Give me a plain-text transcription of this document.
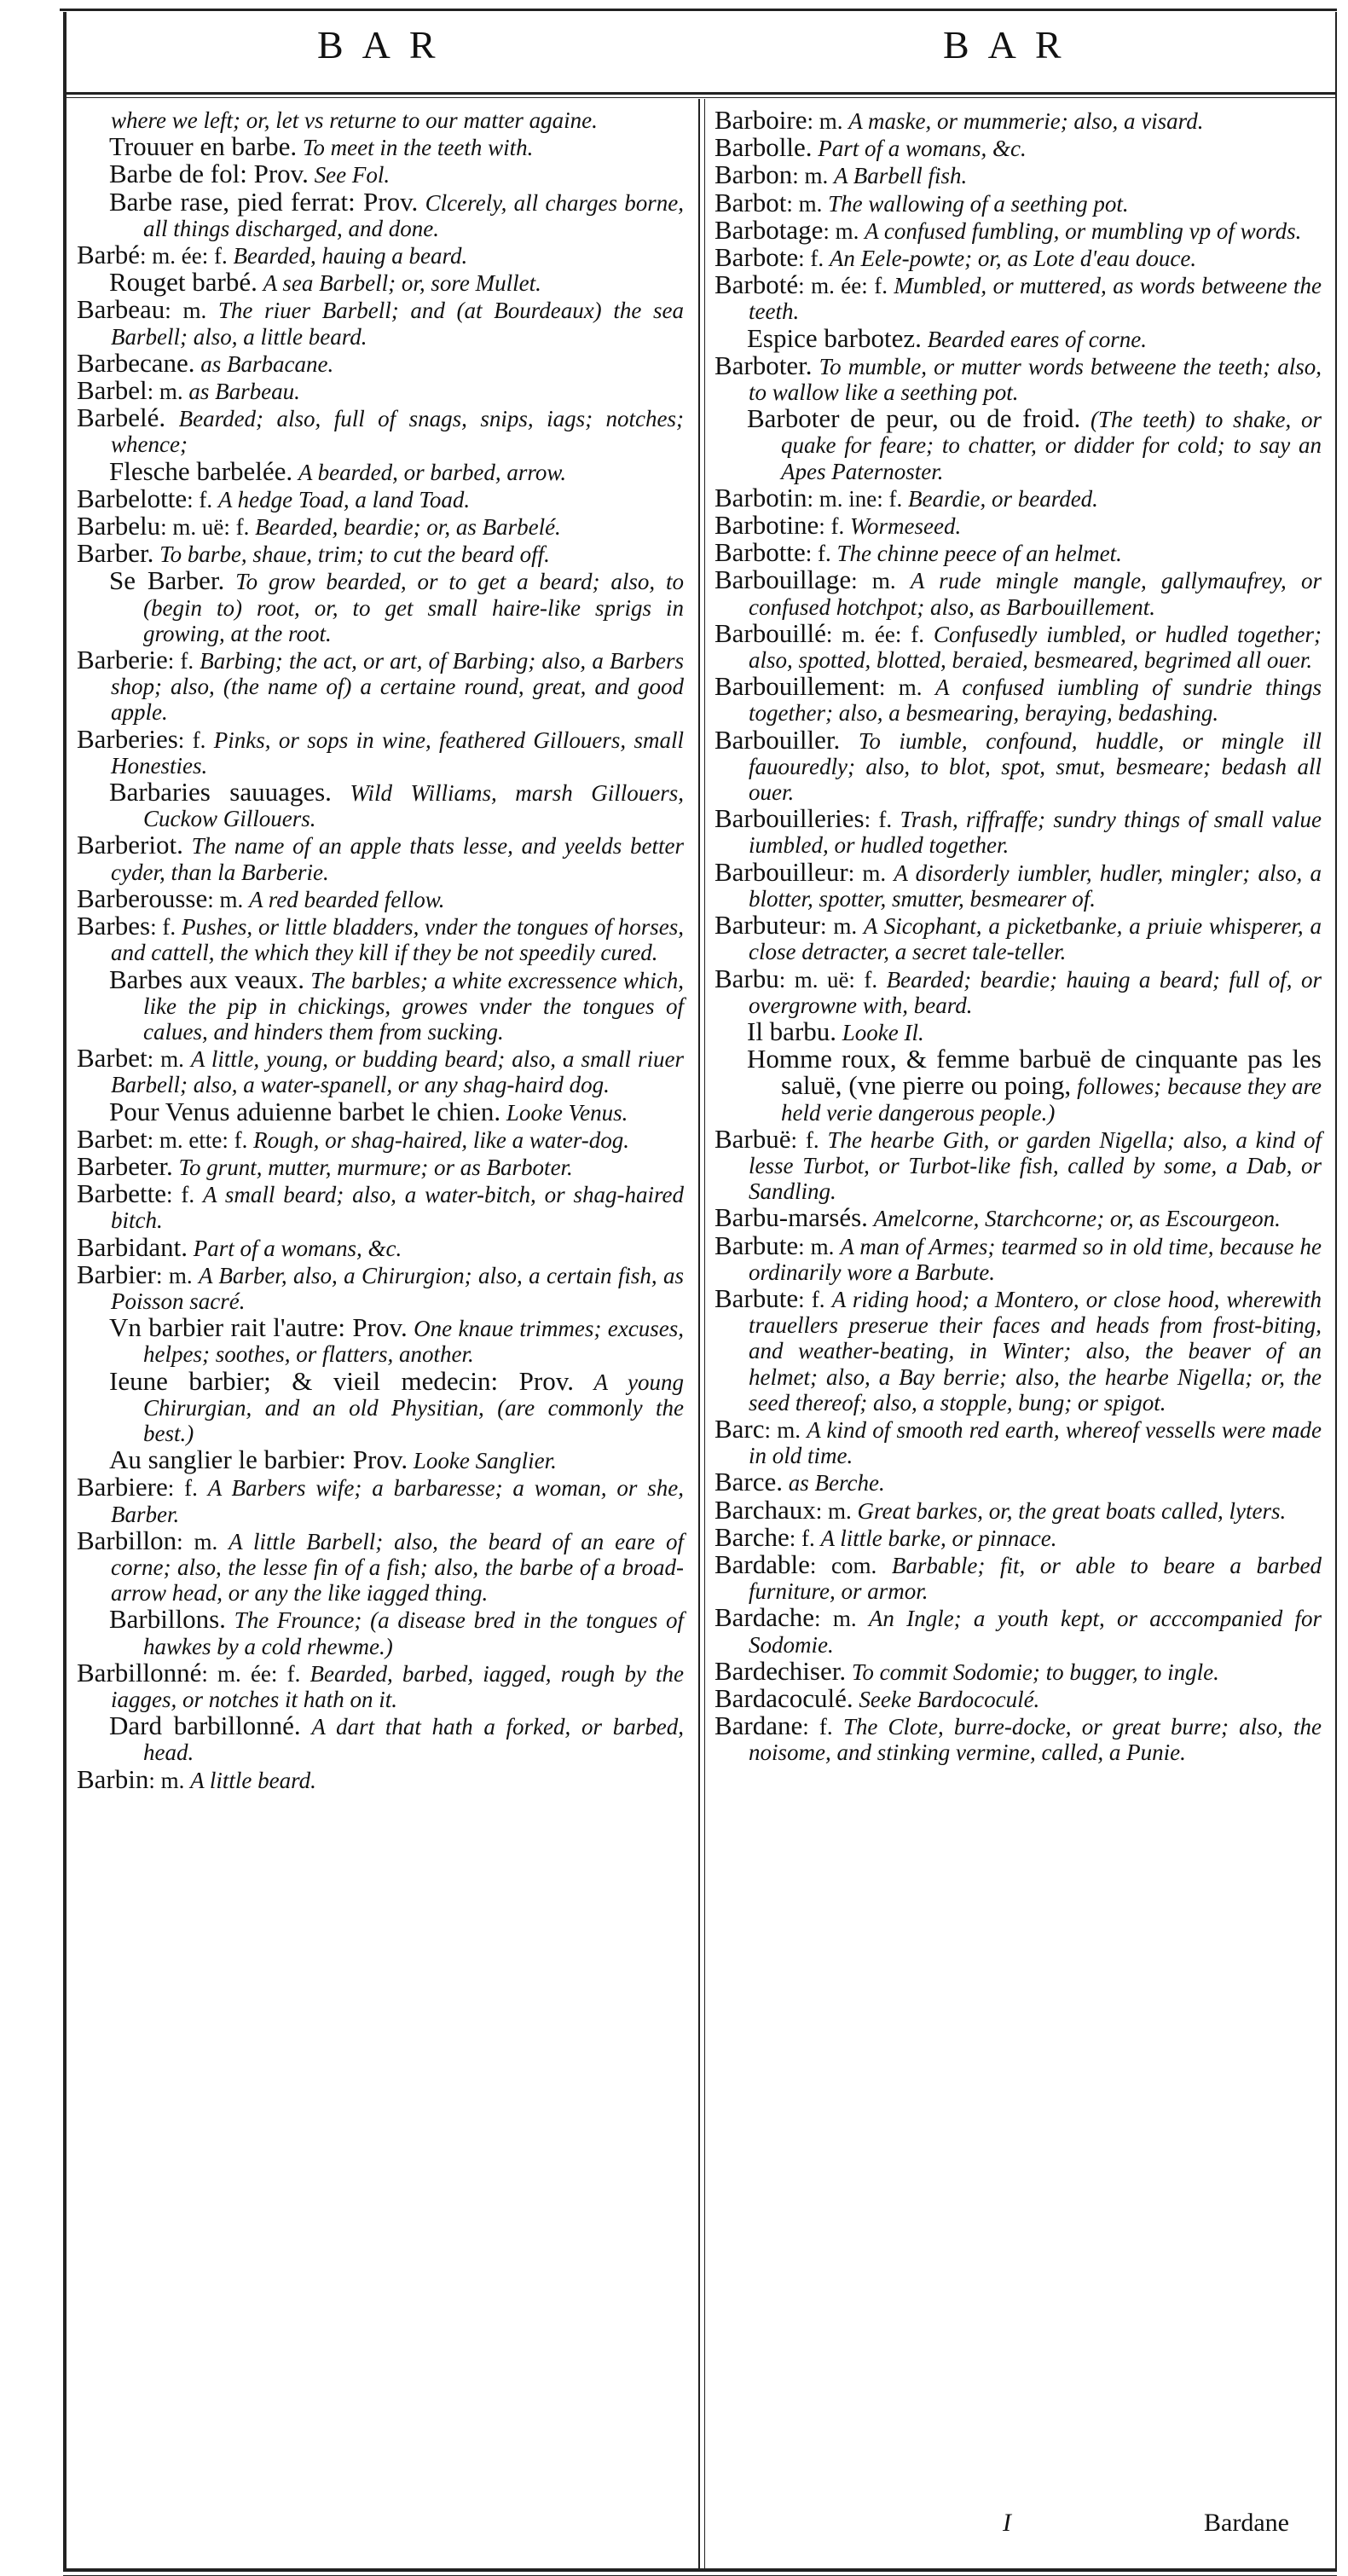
BAR	BAR
where we left; or, let vs returne to our matter againe.
Trouuer en barbe. To meet in the teeth with.
Barbe de fol: Prov. See Fol.
Barbe rase, pied ferrat: Prov. Clcerely, all charges borne, all things discharged, and done.
Barbé: m. ée: f. Bearded, hauing a beard.
Rouget barbé. A sea Barbell; or, sore Mullet.
Barbeau: m. The riuer Barbell; and (at Bourdeaux) the sea Barbell; also, a little beard.
Barbecane. as Barbacane.
Barbel: m. as Barbeau.
Barbelé. Bearded; also, full of snags, snips, iags; notches; whence;
Flesche barbelée. A bearded, or barbed, arrow.
Barbelotte: f. A hedge Toad, a land Toad.
Barbelu: m. uë: f. Bearded, beardie; or, as Barbelé.
Barber. To barbe, shaue, trim; to cut the beard off.
Se Barber. To grow bearded, or to get a beard; also, to (begin to) root, or, to get small haire-like sprigs in growing, at the root.
Barberie: f. Barbing; the act, or art, of Barbing; also, a Barbers shop; also, (the name of) a certaine round, great, and good apple.
Barberies: f. Pinks, or sops in wine, feathered Gillouers, small Honesties.
Barbaries sauuages. Wild Williams, marsh Gillouers, Cuckow Gillouers.
Barberiot. The name of an apple thats lesse, and yeelds better cyder, than la Barberie.
Barberousse: m. A red bearded fellow.
Barbes: f. Pushes, or little bladders, vnder the tongues of horses, and cattell, the which they kill if they be not speedily cured.
Barbes aux veaux. The barbles; a white excressence which, like the pip in chickings, growes vnder the tongues of calues, and hinders them from sucking.
Barbet: m. A little, young, or budding beard; also, a small riuer Barbell; also, a water-spanell, or any shag-haird dog.
Pour Venus aduienne barbet le chien. Looke Venus.
Barbet: m. ette: f. Rough, or shag-haired, like a water-dog.
Barbeter. To grunt, mutter, murmure; or as Barboter.
Barbette: f. A small beard; also, a water-bitch, or shag-haired bitch.
Barbidant. Part of a womans, &c.
Barbier: m. A Barber, also, a Chirurgion; also, a certain fish, as Poisson sacré.
Vn barbier rait l'autre: Prov. One knaue trimmes; excuses, helpes; soothes, or flatters, another.
Ieune barbier; & vieil medecin: Prov. A young Chirurgian, and an old Physitian, (are commonly the best.)
Au sanglier le barbier: Prov. Looke Sanglier.
Barbiere: f. A Barbers wife; a barbaresse; a woman, or she, Barber.
Barbillon: m. A little Barbell; also, the beard of an eare of corne; also, the lesse fin of a fish; also, the barbe of a broad-arrow head, or any the like iagged thing.
Barbillons. The Frounce; (a disease bred in the tongues of hawkes by a cold rhewme.)
Barbillonné: m. ée: f. Bearded, barbed, iagged, rough by the iagges, or notches it hath on it.
Dard barbillonné. A dart that hath a forked, or barbed, head.
Barbin: m. A little beard.
Barboire: m. A maske, or mummerie; also, a visard.
Barbolle. Part of a womans, &c.
Barbon: m. A Barbell fish.
Barbot: m. The wallowing of a seething pot.
Barbotage: m. A confused fumbling, or mumbling vp of words.
Barbote: f. An Eele-powte; or, as Lote d'eau douce.
Barboté: m. ée: f. Mumbled, or muttered, as words betweene the teeth.
Espice barbotez. Bearded eares of corne.
Barboter. To mumble, or mutter words betweene the teeth; also, to wallow like a seething pot.
Barboter de peur, ou de froid. (The teeth) to shake, or quake for feare; to chatter, or didder for cold; to say an Apes Paternoster.
Barbotin: m. ine: f. Beardie, or bearded.
Barbotine: f. Wormeseed.
Barbotte: f. The chinne peece of an helmet.
Barbouillage: m. A rude mingle mangle, gallymaufrey, or confused hotchpot; also, as Barbouillement.
Barbouillé: m. ée: f. Confusedly iumbled, or hudled together; also, spotted, blotted, beraied, besmeared, begrimed all ouer.
Barbouillement: m. A confused iumbling of sundrie things together; also, a besmearing, beraying, bedashing.
Barbouiller. To iumble, confound, huddle, or mingle ill fauouredly; also, to blot, spot, smut, besmeare; bedash all ouer.
Barbouilleries: f. Trash, riffraffe; sundry things of small value iumbled, or hudled together.
Barbouilleur: m. A disorderly iumbler, hudler, mingler; also, a blotter, spotter, smutter, besmearer of.
Barbuteur: m. A Sicophant, a picketbanke, a priuie whisperer, a close detracter, a secret tale-teller.
Barbu: m. uë: f. Bearded; beardie; hauing a beard; full of, or overgrowne with, beard.
Il barbu. Looke Il.
Homme roux, & femme barbuë de cinquante pas les saluë, (vne pierre ou poing, followes; because they are held verie dangerous people.)
Barbuë: f. The hearbe Gith, or garden Nigella; also, a kind of lesse Turbot, or Turbot-like fish, called by some, a Dab, or Sandling.
Barbu-marsés. Amelcorne, Starchcorne; or, as Escourgeon.
Barbute: m. A man of Armes; tearmed so in old time, because he ordinarily wore a Barbute.
Barbute: f. A riding hood; a Montero, or close hood, wherewith trauellers preserue their faces and heads from frost-biting, and weather-beating, in Winter; also, the beaver of an helmet; also, a Bay berrie; also, the hearbe Nigella; or, the seed thereof; also, a stopple, bung; or spigot.
Barc: m. A kind of smooth red earth, whereof vessells were made in old time.
Barce. as Berche.
Barchaux: m. Great barkes, or, the great boats called, lyters.
Barche: f. A little barke, or pinnace.
Bardable: com. Barbable; fit, or able to beare a barbed furniture, or armor.
Bardache: m. An Ingle; a youth kept, or acccompanied for Sodomie.
Bardechiser. To commit Sodomie; to bugger, to ingle.
Bardacoculé. Seeke Bardococulé.
Bardane: f. The Clote, burre-docke, or great burre; also, the noisome, and stinking vermine, called, a Punie.
I	Bardane
